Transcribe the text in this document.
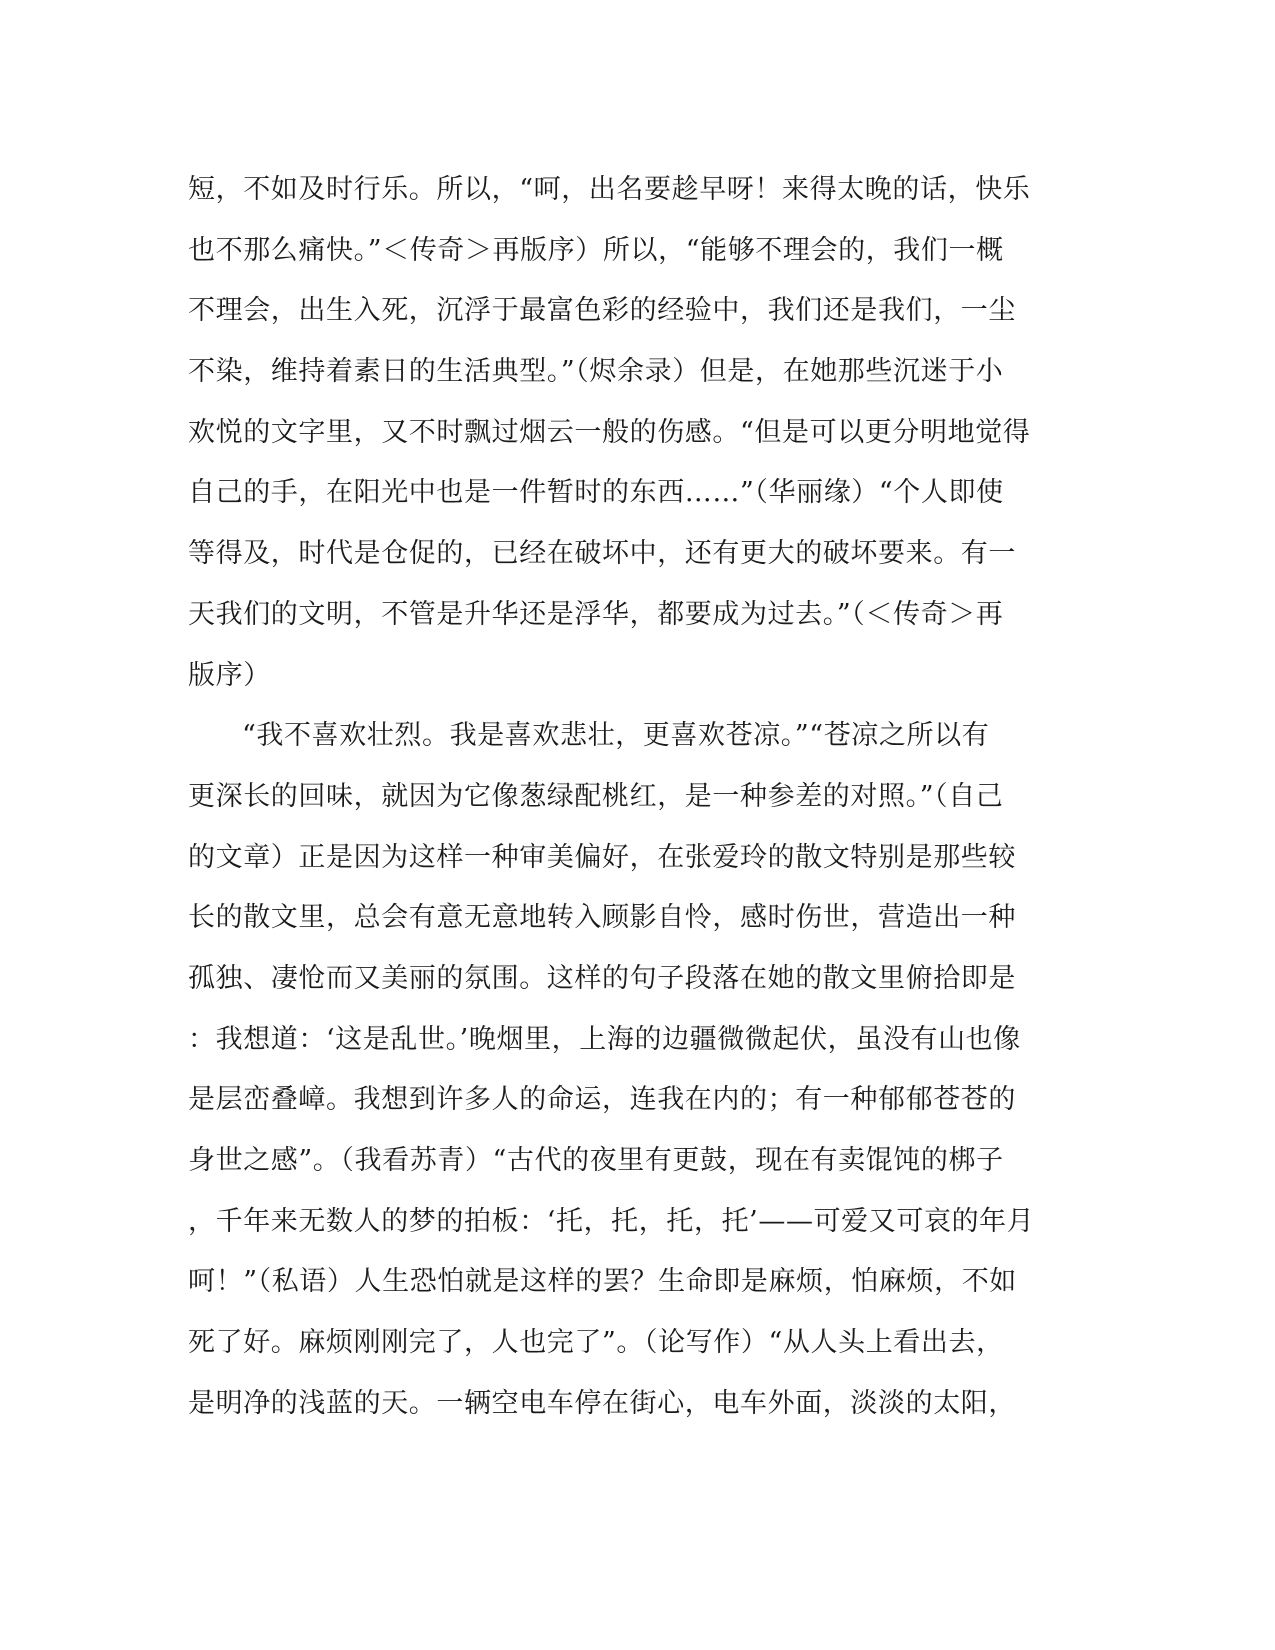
短，不如及时行乐。所以，“呵，出名要趁早呀！来得太晚的话，快乐
也不那么痛快。”＜传奇＞再版序）所以，“能够不理会的，我们一概
不理会，出生入死，沉浮于最富色彩的经验中，我们还是我们，一尘
不染，维持着素日的生活典型。”（烬余录）但是，在她那些沉迷于小
欢悦的文字里，又不时飘过烟云一般的伤感。“但是可以更分明地觉得
自己的手，在阳光中也是一件暂时的东西……”（华丽缘）“个人即使
等得及，时代是仓促的，已经在破坏中，还有更大的破坏要来。有一
天我们的文明，不管是升华还是浮华，都要成为过去。”（＜传奇＞再
版序）
“我不喜欢壮烈。我是喜欢悲壮，更喜欢苍凉。”“苍凉之所以有
更深长的回味，就因为它像葱绿配桃红，是一种参差的对照。”（自己
的文章）正是因为这样一种审美偏好，在张爱玲的散文特别是那些较
长的散文里，总会有意无意地转入顾影自怜，感时伤世，营造出一种
孤独、凄怆而又美丽的氛围。这样的句子段落在她的散文里俯拾即是
：我想道：‘这是乱世。’晚烟里，上海的边疆微微起伏，虽没有山也像
是层峦叠嶂。我想到许多人的命运，连我在内的；有一种郁郁苍苍的
身世之感”。（我看苏青）“古代的夜里有更鼓，现在有卖馄饨的梆子
，千年来无数人的梦的拍板：‘托，托，托，托’——可爱又可哀的年月
呵！”（私语）人生恐怕就是这样的罢？生命即是麻烦，怕麻烦，不如
死了好。麻烦刚刚完了，人也完了”。（论写作）“从人头上看出去，
是明净的浅蓝的天。一辆空电车停在街心，电车外面，淡淡的太阳，
